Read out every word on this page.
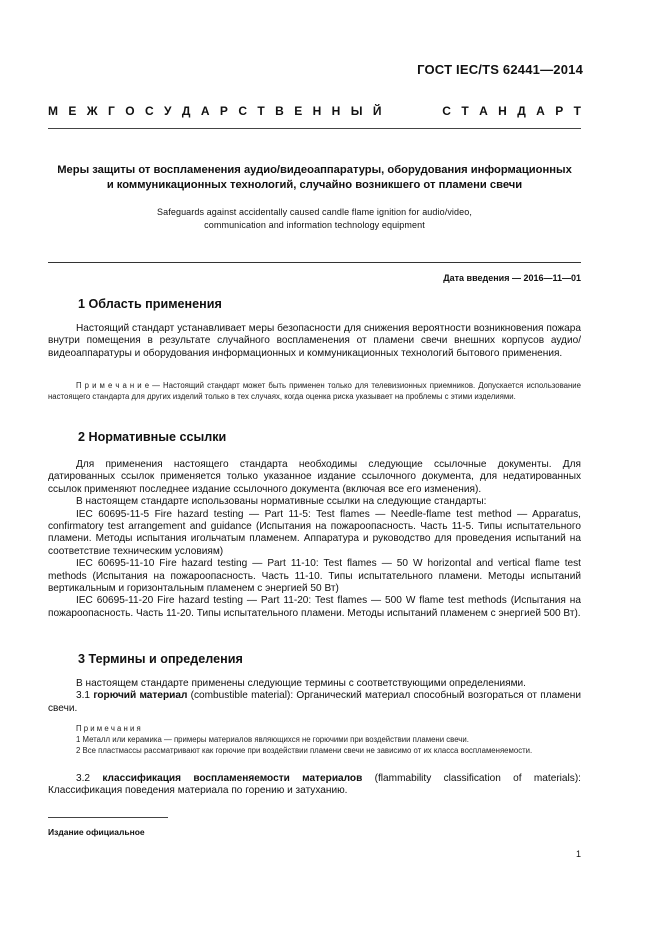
ГОСТ IEC/TS 62441—2014
М Е Ж Г О С У Д А Р С Т В Е Н Н Ы Й	С Т А Н Д А Р Т
Меры защиты от воспламенения аудио/видеоаппаратуры, оборудования информационных
и коммуникационных технологий, случайно возникшего от пламени свечи
Safeguards against accidentally caused candle flame ignition for audio/video,
communication and information technology equipment
Дата введения — 2016—11—01
1 Область применения

Настоящий стандарт устанавливает меры безопасности для снижения вероятности возникновения пожара внутри помещения в результате случайного воспламенения от пламени свечи внешних корпусов аудио/видеоаппаратуры и оборудования информационных и коммуникационных технологий бытового применения.

П р и м е ч а н и е — Настоящий стандарт может быть применен только для телевизионных приемников. Допускается использование настоящего стандарта для других изделий только в тех случаях, когда оценка риска указывает на проблемы с этими изделиями.

2 Нормативные ссылки

Для применения настоящего стандарта необходимы следующие ссылочные документы. Для датированных ссылок применяется только указанное издание ссылочного документа, для недатированных ссылок применяют последнее издание ссылочного документа (включая все его изменения).

В настоящем стандарте использованы нормативные ссылки на следующие стандарты:

IEC 60695-11-5 Fire hazard testing — Part 11-5: Test flames — Needle-flame test method — Apparatus, confirmatory test arrangement and guidance (Испытания на пожароопасность. Часть 11-5. Типы испытательного пламени. Методы испытания игольчатым пламенем. Аппаратура и руководство для проведения испытаний на соответствие техническим условиям)

IEC 60695-11-10 Fire hazard testing — Part 11-10: Test flames — 50 W horizontal and vertical flame test methods (Испытания на пожароопасность. Часть 11-10. Типы испытательного пламени. Методы испытаний вертикальным и горизонтальным пламенем с энергией 50 Вт)

IEC 60695-11-20 Fire hazard testing — Part 11-20: Test flames — 500 W flame test methods (Испытания на пожароопасность. Часть 11-20. Типы испытательного пламени. Методы испытаний пламенем с энергией 500 Вт).

3 Термины и определения

В настоящем стандарте применены следующие термины с соответствующими определениями.

3.1 горючий материал (combustible material): Органический материал способный возгораться от пламени свечи.

П р и м е ч а н и я

1 Металл или керамика — примеры материалов являющихся не горючими при воздействии пламени свечи.

2 Все пластмассы рассматривают как горючие при воздействии пламени свечи не зависимо от их класса воспламеняемости.

3.2 классификация воспламеняемости материалов (flammability classification of materials): Классификация поведения материала по горению и затуханию.

Издание официальное
1
